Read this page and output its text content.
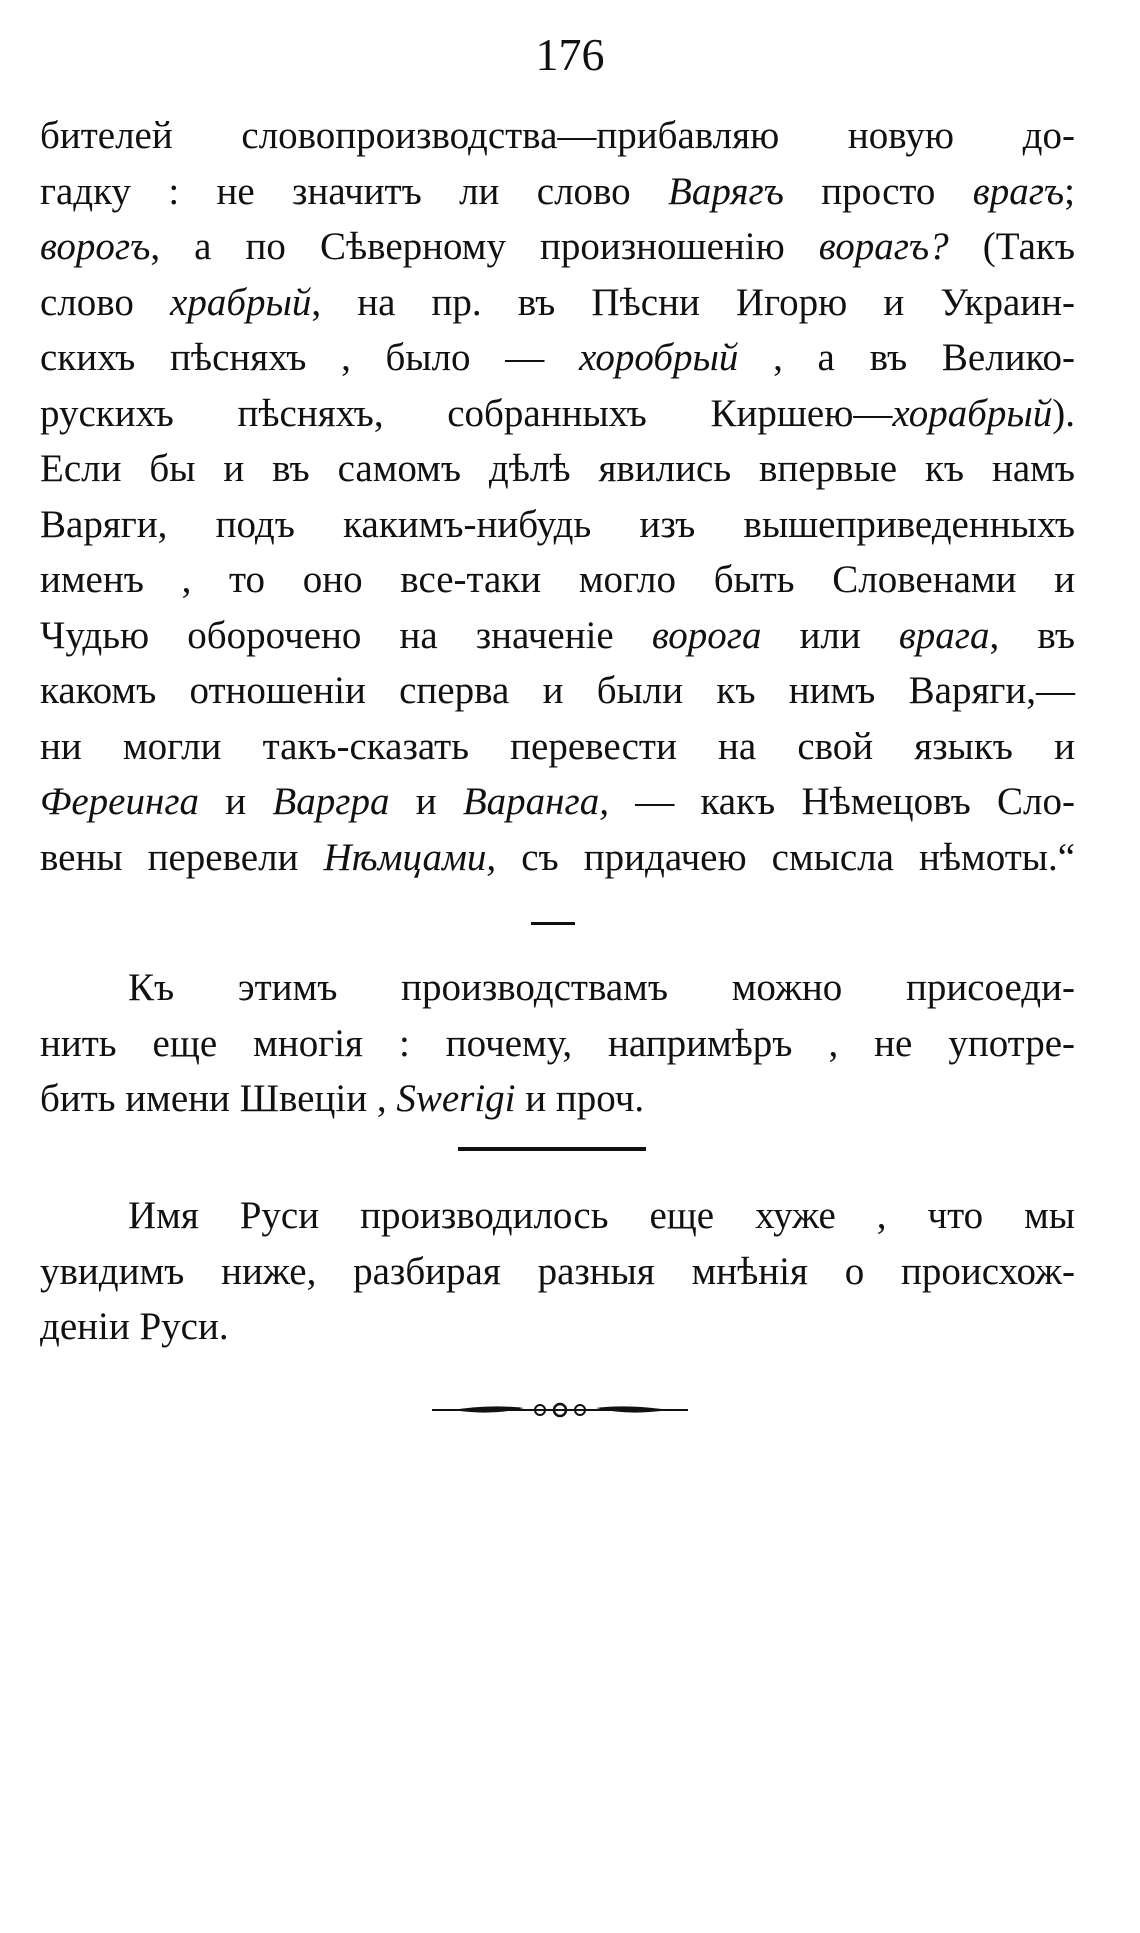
176

бителей словопроизводства—прибавляю новую до-

гадку : не значитъ ли слово Варягъ просто врагъ;

ворогъ, а по Сѣверному произношенію ворагъ? (Такъ

слово храбрый, на пр. въ Пѣсни Игорю и Украин-

скихъ пѣсняхъ , было — хоробрый , а въ Велико-

рускихъ пѣсняхъ, собранныхъ Киршею—хорабрый).

Если бы и въ самомъ дѣлѣ явились впервые къ намъ

Варяги, подъ какимъ-нибудь изъ вышеприведенныхъ

именъ , то оно все-таки могло быть Словенами и

Чудью обороченo на значеніе ворога или врага, въ

какомъ отношеніи сперва и были къ нимъ Варяги,—

ни могли такъ-сказать перевести на свой языкъ и

Ферeинга и Варгра и Варанга, — какъ Нѣмецовъ Сло-

вены перевели Нѣмцами, съ придачею смысла нѣмоты.“

Къ этимъ производствамъ можно присоеди-

нить еще многія : почему, напримѣръ , не употре-

бить имени Швеціи , Swerigi и проч.

Имя Руси производилось еще хуже , что мы

увидимъ ниже, разбирая разныя мнѣнія о происхож-

деніи Руси.
